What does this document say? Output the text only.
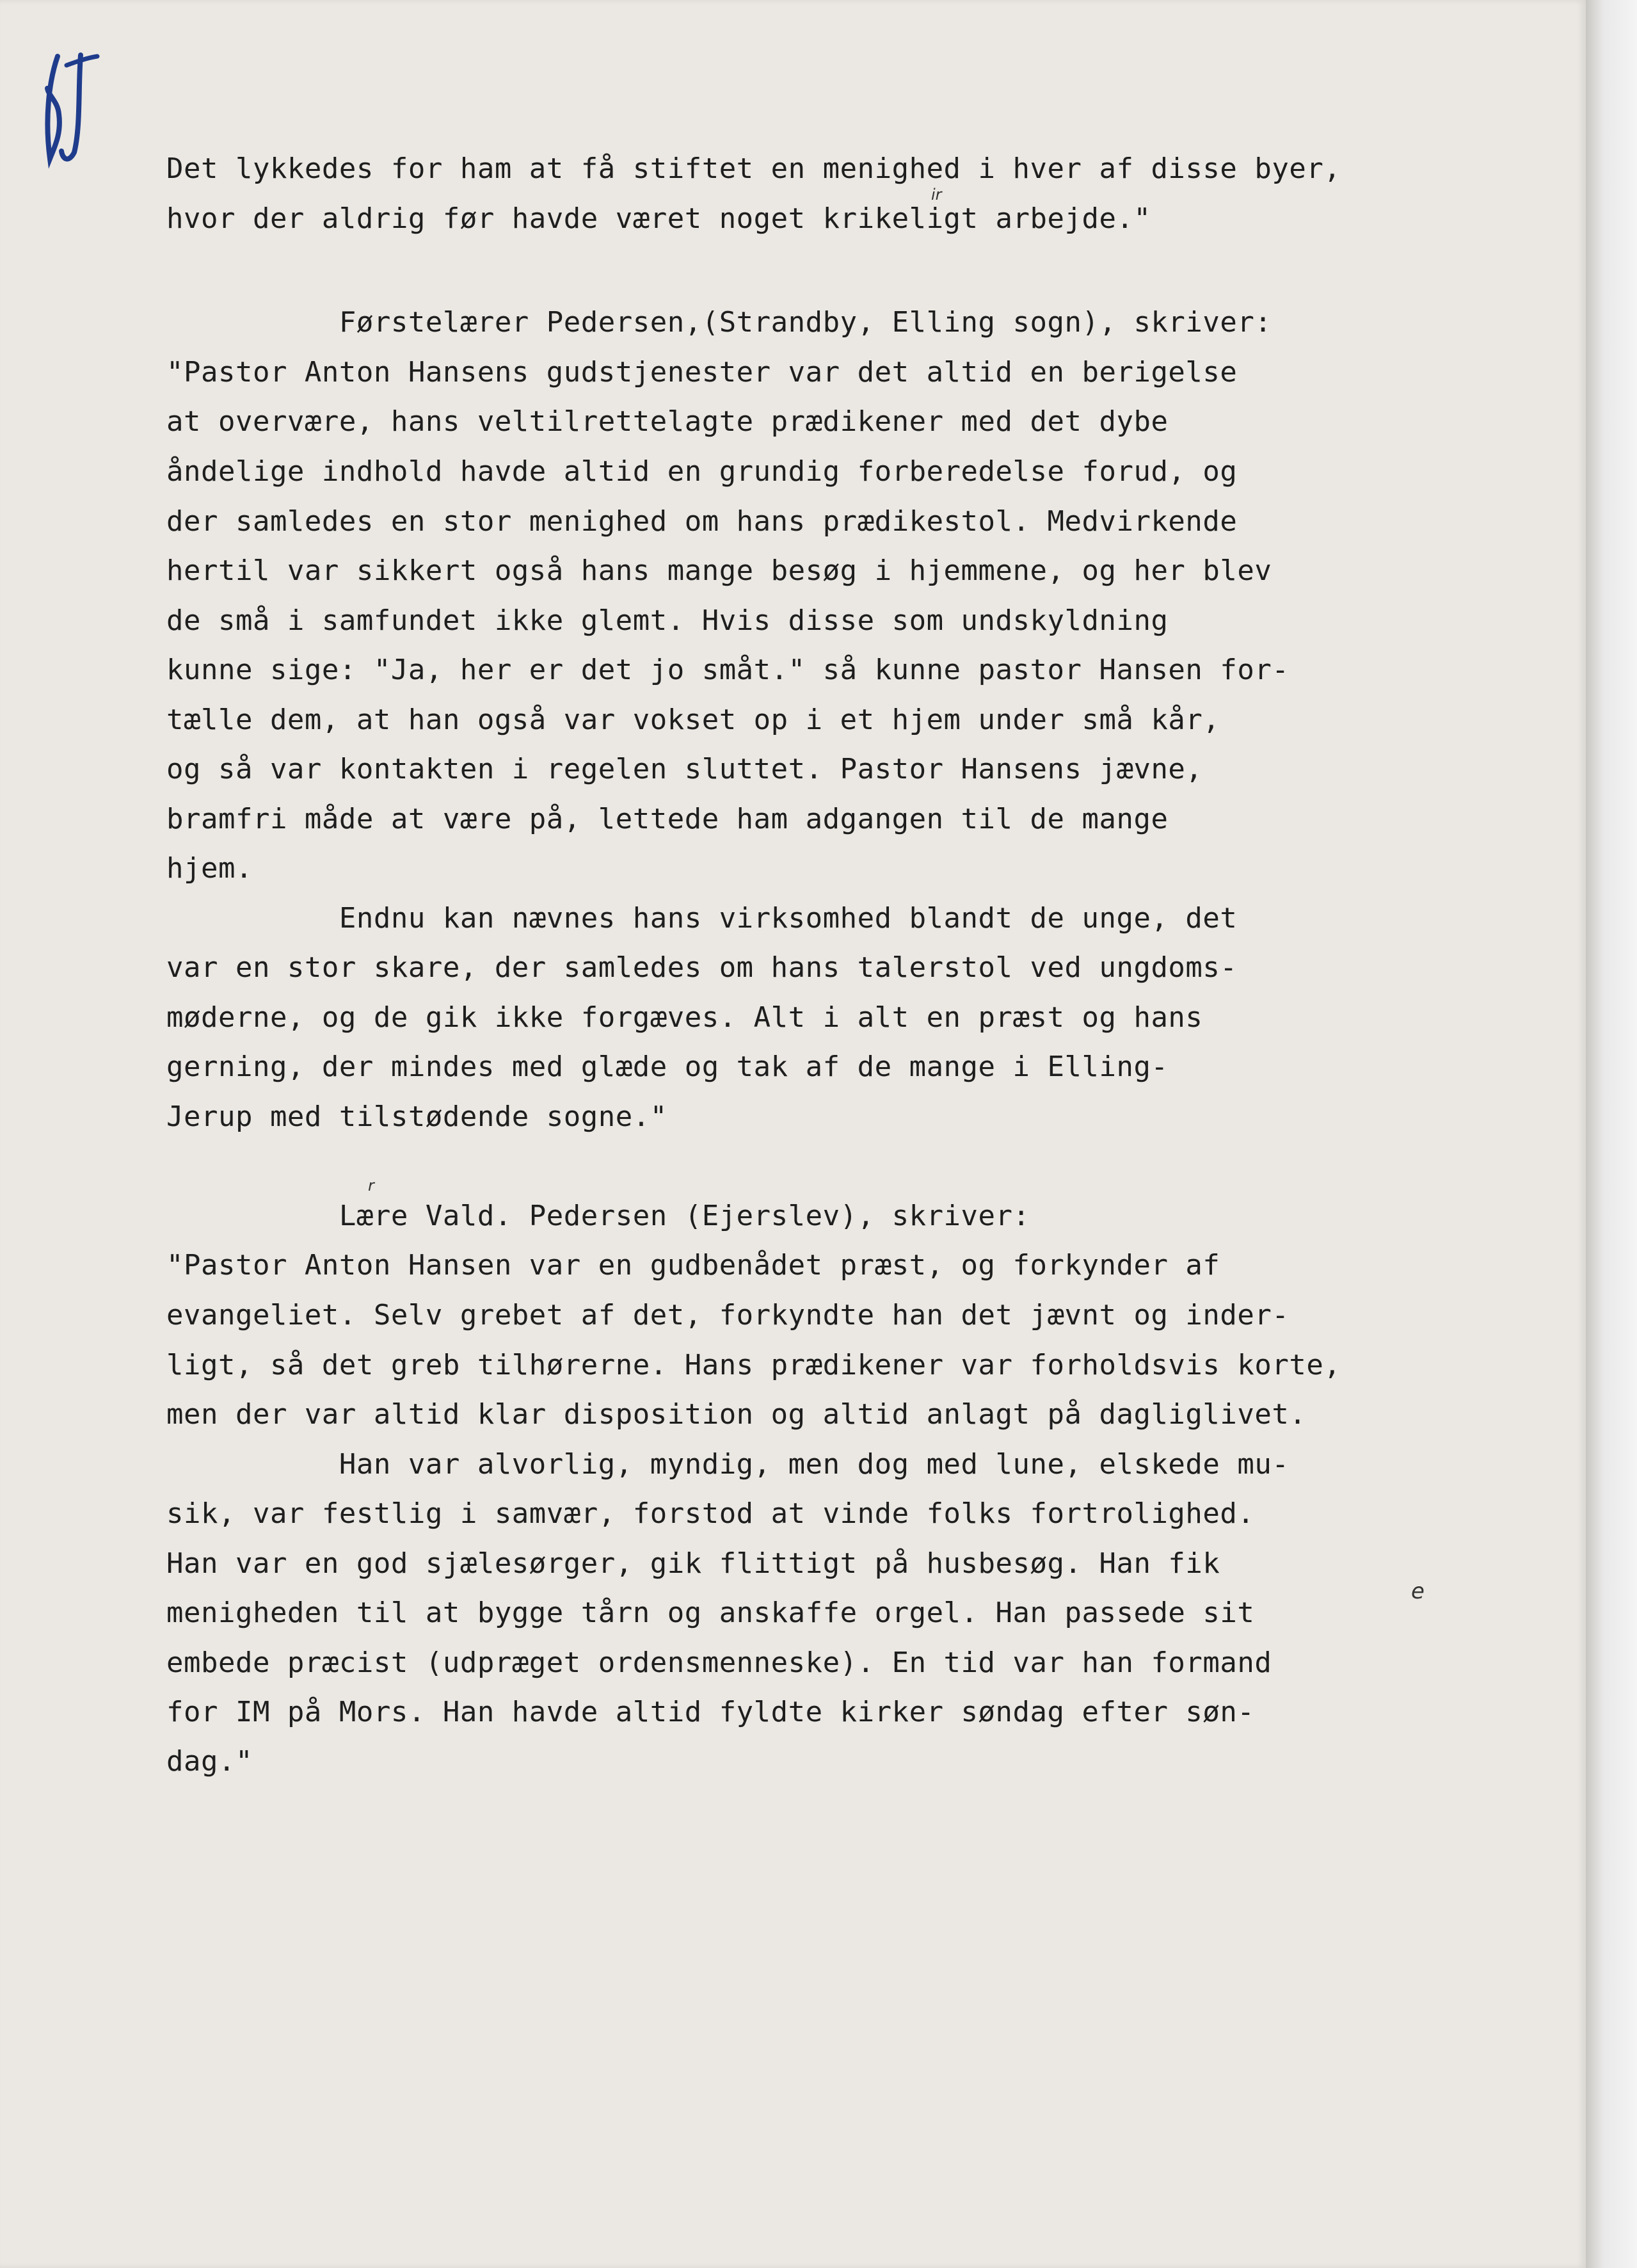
Det lykkedes for ham at få stiftet en menighed i hver af disse byer,
hvor der aldrig før havde været noget krikeligt arbejde."
Førstelærer Pedersen,(Strandby, Elling sogn), skriver:
"Pastor Anton Hansens gudstjenester var det altid en berigelse
at overvære, hans veltilrettelagte prædikener med det dybe
åndelige indhold havde altid en grundig forberedelse forud, og
der samledes en stor menighed om hans prædikestol. Medvirkende
hertil var sikkert også hans mange besøg i hjemmene, og her blev
de små i samfundet ikke glemt. Hvis disse som undskyldning
kunne sige: "Ja, her er det jo småt." så kunne pastor Hansen for-
tælle dem, at han også var vokset op i et hjem under små kår,
og så var kontakten i regelen sluttet. Pastor Hansens jævne,
bramfri måde at være på, lettede ham adgangen til de mange
hjem.
Endnu kan nævnes hans virksomhed blandt de unge, det
var en stor skare, der samledes om hans talerstol ved ungdoms-
møderne, og de gik ikke forgæves. Alt i alt en præst og hans
gerning, der mindes med glæde og tak af de mange i Elling-
Jerup med tilstødende sogne."
Lære Vald. Pedersen (Ejerslev), skriver:
"Pastor Anton Hansen var en gudbenådet præst, og forkynder af
evangeliet. Selv grebet af det, forkyndte han det jævnt og inder-
ligt, så det greb tilhørerne. Hans prædikener var forholdsvis korte,
men der var altid klar disposition og altid anlagt på dagliglivet.
Han var alvorlig, myndig, men dog med lune, elskede mu-
sik, var festlig i samvær, forstod at vinde folks fortrolighed.
Han var en god sjælesørger, gik flittigt på husbesøg. Han fik
menigheden til at bygge tårn og anskaffe orgel. Han passede sit
embede præcist (udpræget ordensmenneske). En tid var han formand
for IM på Mors. Han havde altid fyldte kirker søndag efter søn-
dag."
ir
r
e
